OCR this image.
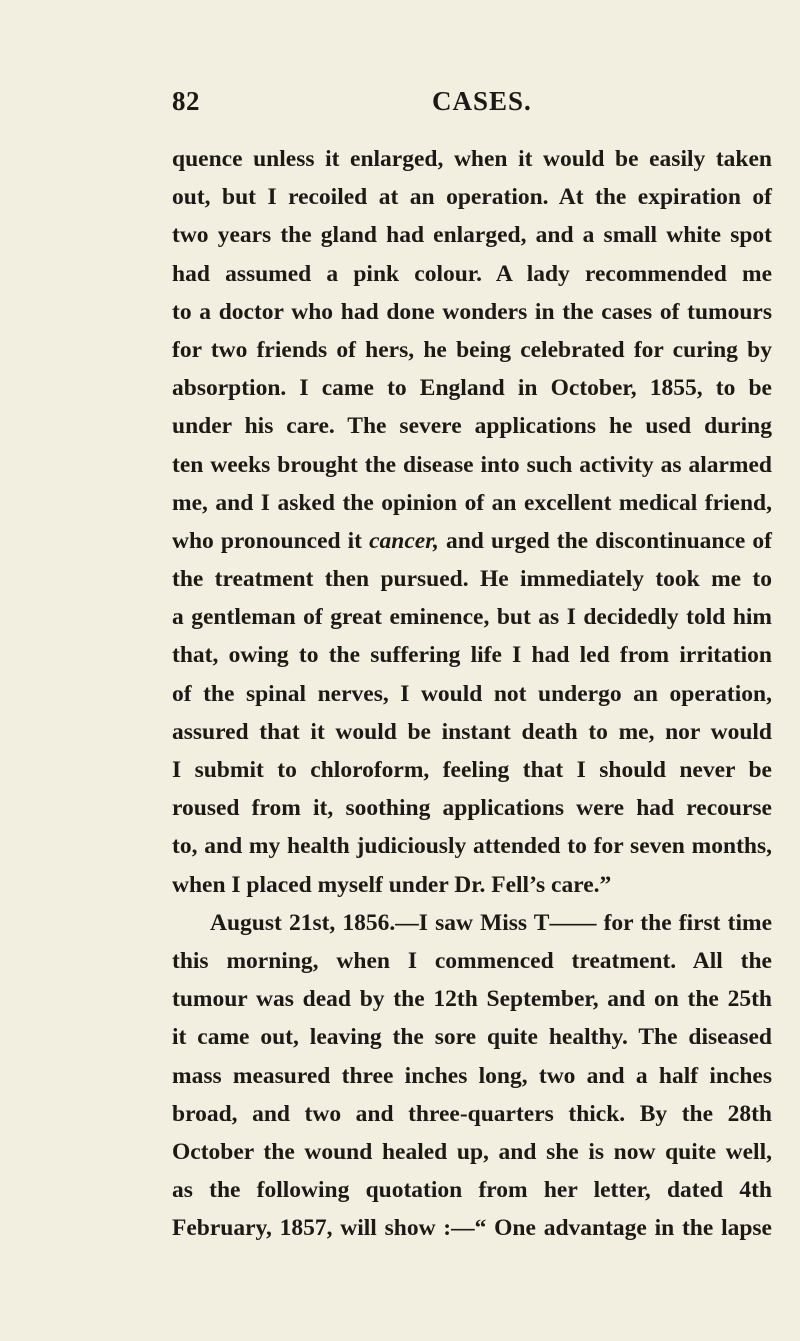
82	CASES.
quence unless it enlarged, when it would be easily taken
out, but I recoiled at an operation. At the expiration of
two years the gland had enlarged, and a small white spot
had assumed a pink colour. A lady recommended me
to a doctor who had done wonders in the cases of tumours
for two friends of hers, he being celebrated for curing by
absorption. I came to England in October, 1855, to be
under his care. The severe applications he used during
ten weeks brought the disease into such activity as alarmed
me, and I asked the opinion of an excellent medical friend,
who pronounced it cancer, and urged the discontinuance of
the treatment then pursued. He immediately took me to
a gentleman of great eminence, but as I decidedly told him
that, owing to the suffering life I had led from irritation
of the spinal nerves, I would not undergo an operation,
assured that it would be instant death to me, nor would
I submit to chloroform, feeling that I should never be
roused from it, soothing applications were had recourse
to, and my health judiciously attended to for seven months,
when I placed myself under Dr. Fell’s care.”
August 21st, 1856.—I saw Miss T—— for the first time
this morning, when I commenced treatment. All the
tumour was dead by the 12th September, and on the 25th
it came out, leaving the sore quite healthy. The diseased
mass measured three inches long, two and a half inches
broad, and two and three-quarters thick. By the 28th
October the wound healed up, and she is now quite well,
as the following quotation from her letter, dated 4th
February, 1857, will show :—“ One advantage in the lapse
